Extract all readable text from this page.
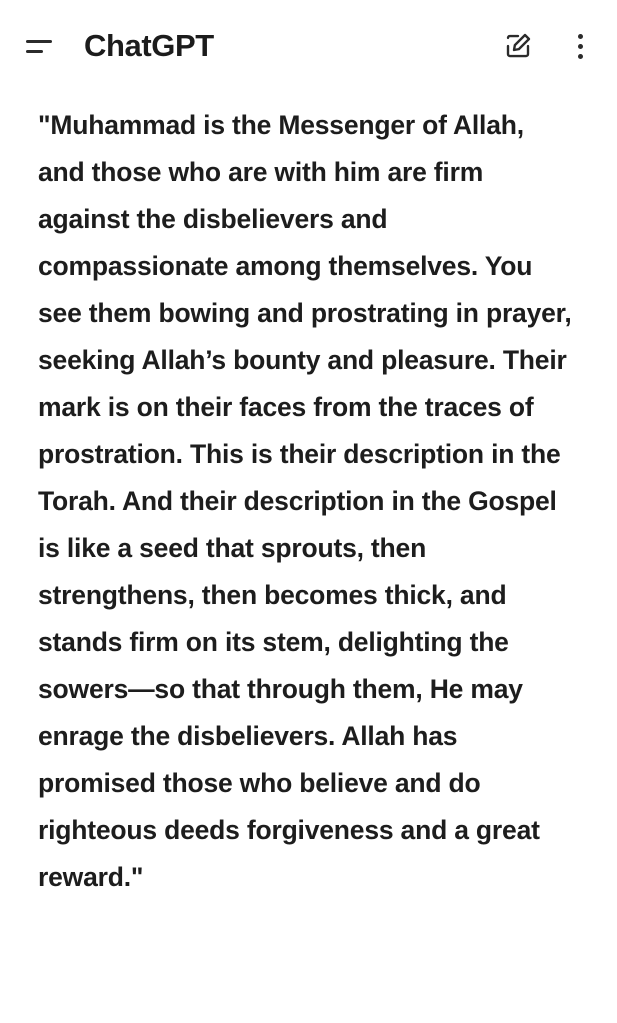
ChatGPT
"Muhammad is the Messenger of Allah, and those who are with him are firm against the disbelievers and compassionate among themselves. You see them bowing and prostrating in prayer, seeking Allah’s bounty and pleasure. Their mark is on their faces from the traces of prostration. This is their description in the Torah. And their description in the Gospel is like a seed that sprouts, then strengthens, then becomes thick, and stands firm on its stem, delighting the sowers—so that through them, He may enrage the disbelievers. Allah has promised those who believe and do righteous deeds forgiveness and a great reward."
